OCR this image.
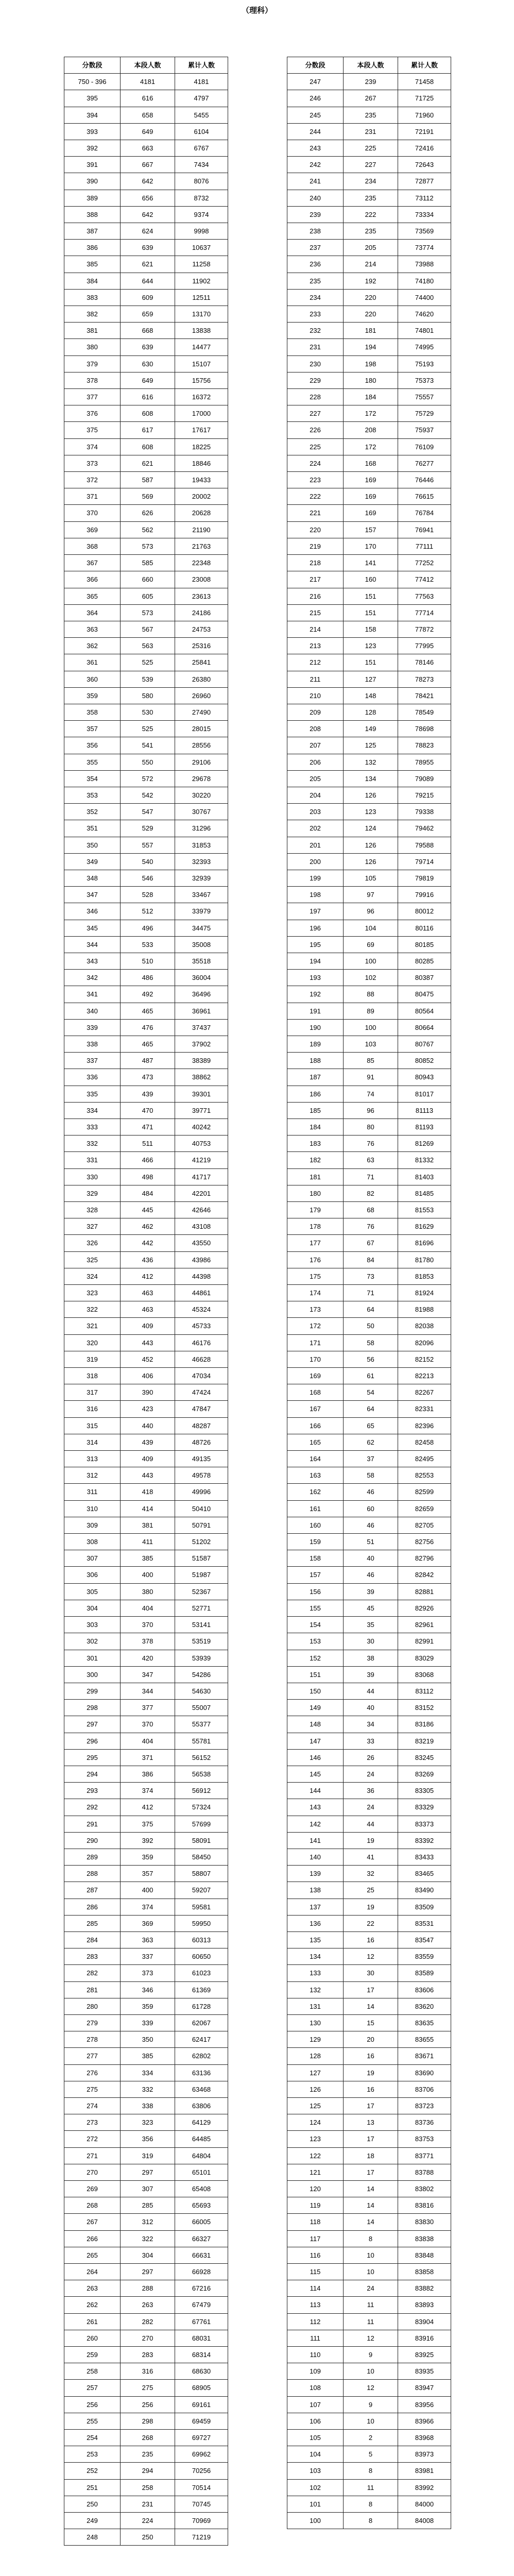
（理科）
分数段	本段人数	累计人数
750 - 396	4181	4181
395	616	4797
394	658	5455
393	649	6104
392	663	6767
391	667	7434
390	642	8076
389	656	8732
388	642	9374
387	624	9998
386	639	10637
385	621	11258
384	644	11902
383	609	12511
382	659	13170
381	668	13838
380	639	14477
379	630	15107
378	649	15756
377	616	16372
376	608	17000
375	617	17617
374	608	18225
373	621	18846
372	587	19433
371	569	20002
370	626	20628
369	562	21190
368	573	21763
367	585	22348
366	660	23008
365	605	23613
364	573	24186
363	567	24753
362	563	25316
361	525	25841
360	539	26380
359	580	26960
358	530	27490
357	525	28015
356	541	28556
355	550	29106
354	572	29678
353	542	30220
352	547	30767
351	529	31296
350	557	31853
349	540	32393
348	546	32939
347	528	33467
346	512	33979
345	496	34475
344	533	35008
343	510	35518
342	486	36004
341	492	36496
340	465	36961
339	476	37437
338	465	37902
337	487	38389
336	473	38862
335	439	39301
334	470	39771
333	471	40242
332	511	40753
331	466	41219
330	498	41717
329	484	42201
328	445	42646
327	462	43108
326	442	43550
325	436	43986
324	412	44398
323	463	44861
322	463	45324
321	409	45733
320	443	46176
319	452	46628
318	406	47034
317	390	47424
316	423	47847
315	440	48287
314	439	48726
313	409	49135
312	443	49578
311	418	49996
310	414	50410
309	381	50791
308	411	51202
307	385	51587
306	400	51987
305	380	52367
304	404	52771
303	370	53141
302	378	53519
301	420	53939
300	347	54286
299	344	54630
298	377	55007
297	370	55377
296	404	55781
295	371	56152
294	386	56538
293	374	56912
292	412	57324
291	375	57699
290	392	58091
289	359	58450
288	357	58807
287	400	59207
286	374	59581
285	369	59950
284	363	60313
283	337	60650
282	373	61023
281	346	61369
280	359	61728
279	339	62067
278	350	62417
277	385	62802
276	334	63136
275	332	63468
274	338	63806
273	323	64129
272	356	64485
271	319	64804
270	297	65101
269	307	65408
268	285	65693
267	312	66005
266	322	66327
265	304	66631
264	297	66928
263	288	67216
262	263	67479
261	282	67761
260	270	68031
259	283	68314
258	316	68630
257	275	68905
256	256	69161
255	298	69459
254	268	69727
253	235	69962
252	294	70256
251	258	70514
250	231	70745
249	224	70969
248	250	71219
分数段	本段人数	累计人数
247	239	71458
246	267	71725
245	235	71960
244	231	72191
243	225	72416
242	227	72643
241	234	72877
240	235	73112
239	222	73334
238	235	73569
237	205	73774
236	214	73988
235	192	74180
234	220	74400
233	220	74620
232	181	74801
231	194	74995
230	198	75193
229	180	75373
228	184	75557
227	172	75729
226	208	75937
225	172	76109
224	168	76277
223	169	76446
222	169	76615
221	169	76784
220	157	76941
219	170	77111
218	141	77252
217	160	77412
216	151	77563
215	151	77714
214	158	77872
213	123	77995
212	151	78146
211	127	78273
210	148	78421
209	128	78549
208	149	78698
207	125	78823
206	132	78955
205	134	79089
204	126	79215
203	123	79338
202	124	79462
201	126	79588
200	126	79714
199	105	79819
198	97	79916
197	96	80012
196	104	80116
195	69	80185
194	100	80285
193	102	80387
192	88	80475
191	89	80564
190	100	80664
189	103	80767
188	85	80852
187	91	80943
186	74	81017
185	96	81113
184	80	81193
183	76	81269
182	63	81332
181	71	81403
180	82	81485
179	68	81553
178	76	81629
177	67	81696
176	84	81780
175	73	81853
174	71	81924
173	64	81988
172	50	82038
171	58	82096
170	56	82152
169	61	82213
168	54	82267
167	64	82331
166	65	82396
165	62	82458
164	37	82495
163	58	82553
162	46	82599
161	60	82659
160	46	82705
159	51	82756
158	40	82796
157	46	82842
156	39	82881
155	45	82926
154	35	82961
153	30	82991
152	38	83029
151	39	83068
150	44	83112
149	40	83152
148	34	83186
147	33	83219
146	26	83245
145	24	83269
144	36	83305
143	24	83329
142	44	83373
141	19	83392
140	41	83433
139	32	83465
138	25	83490
137	19	83509
136	22	83531
135	16	83547
134	12	83559
133	30	83589
132	17	83606
131	14	83620
130	15	83635
129	20	83655
128	16	83671
127	19	83690
126	16	83706
125	17	83723
124	13	83736
123	17	83753
122	18	83771
121	17	83788
120	14	83802
119	14	83816
118	14	83830
117	8	83838
116	10	83848
115	10	83858
114	24	83882
113	11	83893
112	11	83904
111	12	83916
110	9	83925
109	10	83935
108	12	83947
107	9	83956
106	10	83966
105	2	83968
104	5	83973
103	8	83981
102	11	83992
101	8	84000
100	8	84008
